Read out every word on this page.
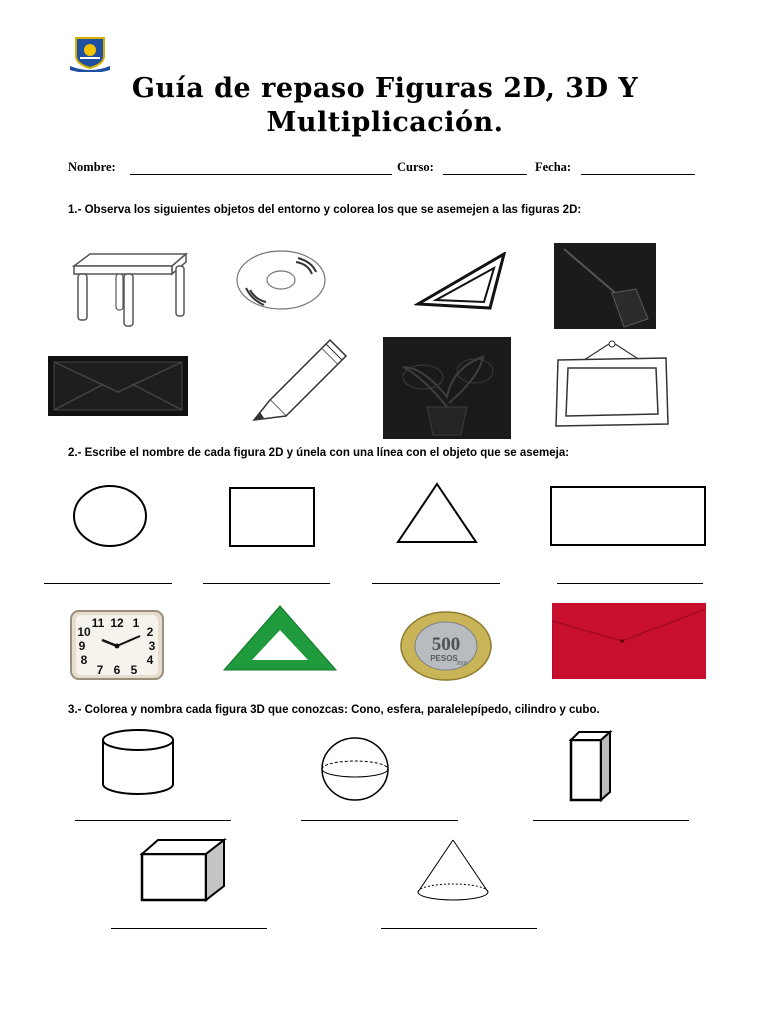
Guía de repaso Figuras 2D, 3D Y
Multiplicación.
Nombre:	Curso:	Fecha:
1.- Observa los siguientes objetos del entorno y colorea los que se asemejen a las figuras 2D:
2.- Escribe el nombre de cada figura 2D y únela con una línea con el objeto que se asemeja:
12 1
2
3
4
5
6
7
8
9
10
11
500
PESOS
2000
3.- Colorea y nombra cada figura 3D que conozcas: Cono, esfera, paralelepípedo, cilindro y cubo.
